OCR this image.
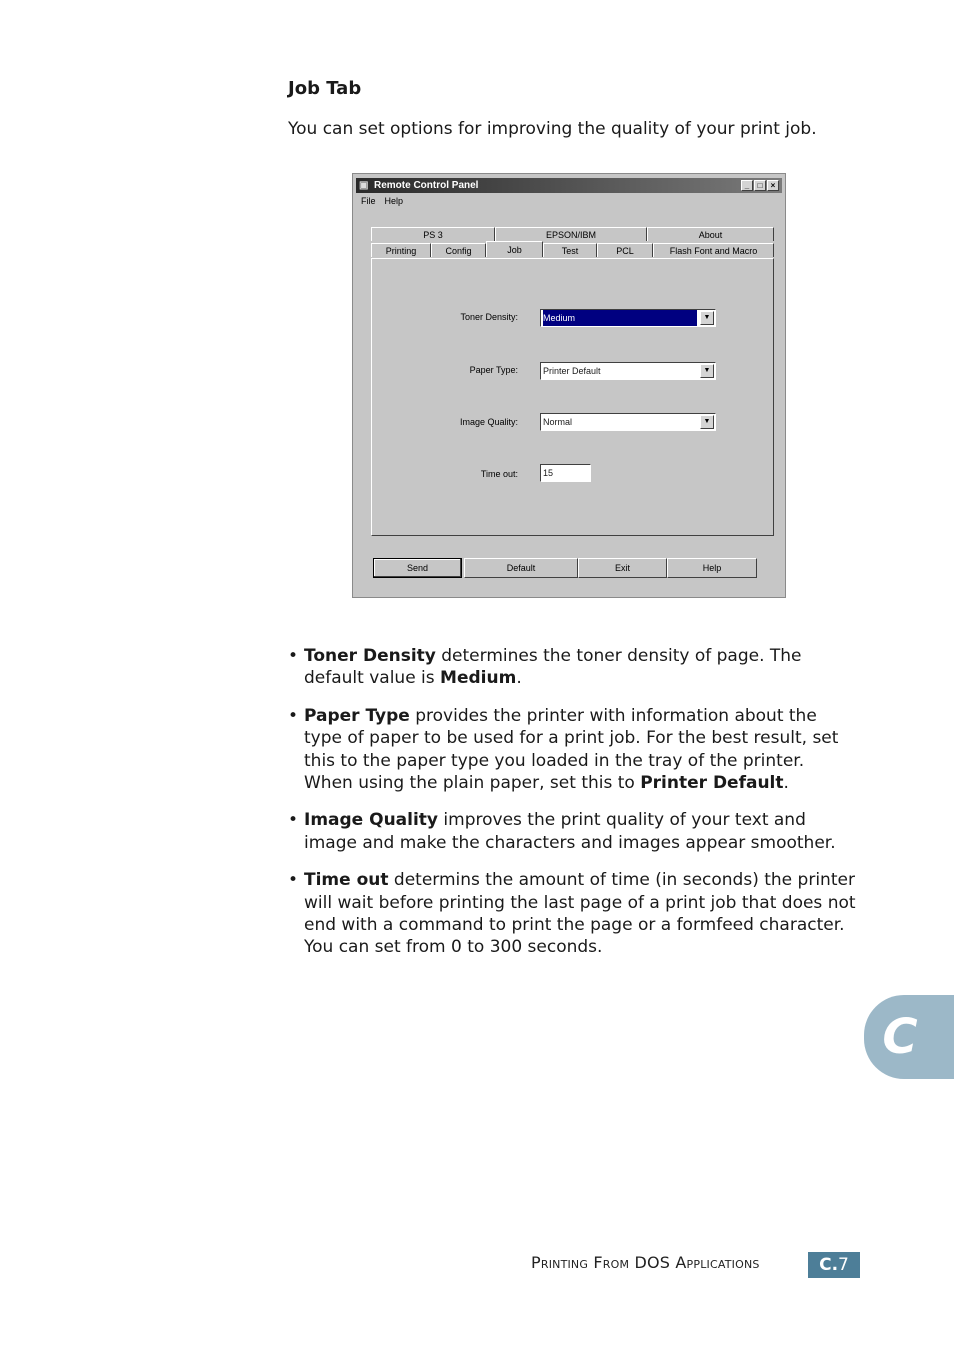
Job Tab
You can set options for improving the quality of your print job.
▣ Remote Control Panel	_	□	×
File Help
PS 3	EPSON/IBM	About
Printing	Config	Job	Test	PCL	Flash Font and Macro
Toner Density:	Medium	▼
Paper Type:	Printer Default	▼
Image Quality:	Normal	▼
Time out:	15
Send	Default	Exit	Help
• Toner Density determines the toner density of page. The default value is Medium.
• Paper Type provides the printer with information about the type of paper to be used for a print job. For the best result, set this to the paper type you loaded in the tray of the printer. When using the plain paper, set this to Printer Default.
• Image Quality improves the print quality of your text and image and make the characters and images appear smoother.
• Time out determins the amount of time (in seconds) the printer will wait before printing the last page of a print job that does not end with a command to print the page or a formfeed character. You can set from 0 to 300 seconds.
C
Printing From DOS Applications	C.7
